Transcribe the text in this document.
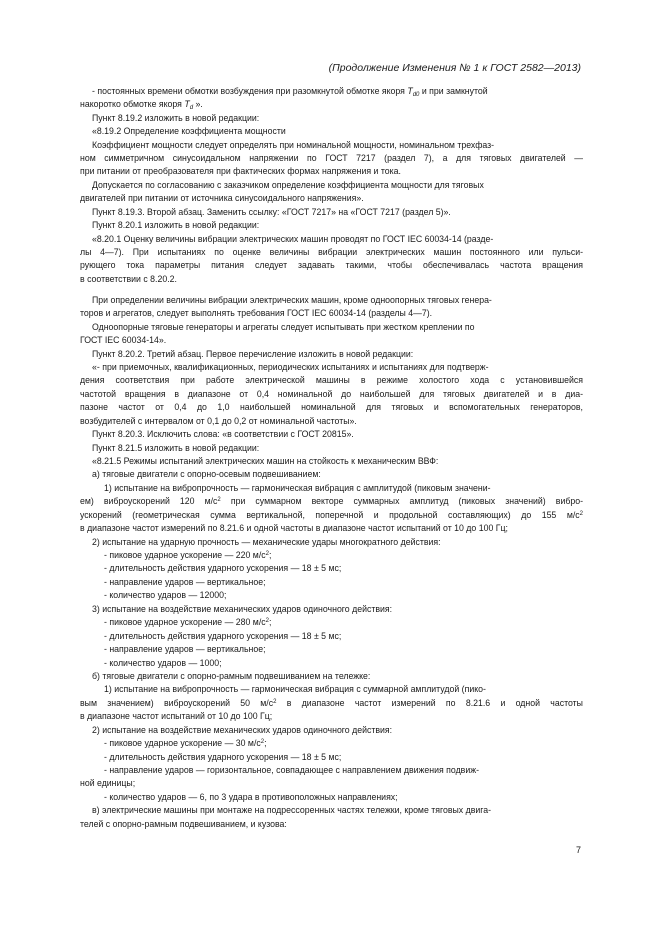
(Продолжение Изменения № 1 к ГОСТ 2582—2013)
- постоянных времени обмотки возбуждения при разомкнутой обмотке якоря $T_{d0}$ и при замкнутой
накоротко обмотке якоря $T_d$ ».
Пункт 8.19.2 изложить в новой редакции:
«8.19.2 Определение коэффициента мощности
Коэффициент мощности следует определять при номинальной мощности, номинальном трехфаз-
ном симметричном синусоидальном напряжении по ГОСТ 7217 (раздел 7), а для тяговых двигателей —
при питании от преобразователя при фактических формах напряжения и тока.
Допускается по согласованию с заказчиком определение коэффициента мощности для тяговых
двигателей при питании от источника синусоидального напряжения».
Пункт 8.19.3. Второй абзац. Заменить ссылку: «ГОСТ 7217» на «ГОСТ 7217 (раздел 5)».
Пункт 8.20.1 изложить в новой редакции:
«8.20.1 Оценку величины вибрации электрических машин проводят по ГОСТ IEC 60034-14 (разде-
лы 4—7). При испытаниях по оценке величины вибрации электрических машин постоянного или пульси-
рующего тока параметры питания следует задавать такими, чтобы обеспечивалась частота вращения
в соответствии с 8.20.2.
При определении величины вибрации электрических машин, кроме одноопорных тяговых генера-
торов и агрегатов, следует выполнять требования ГОСТ IEC 60034-14 (разделы 4—7).
Одноопорные тяговые генераторы и агрегаты следует испытывать при жестком креплении по
ГОСТ IEC 60034-14».
Пункт 8.20.2. Третий абзац. Первое перечисление изложить в новой редакции:
«- при приемочных, квалификационных, периодических испытаниях и испытаниях для подтверж-
дения соответствия при работе электрической машины в режиме холостого хода с установившейся
частотой вращения в диапазоне от 0,4 номинальной до наибольшей для тяговых двигателей и в диа-
пазоне частот от 0,4 до 1,0 наибольшей номинальной для тяговых и вспомогательных генераторов,
возбудителей с интервалом от 0,1 до 0,2 от номинальной частоты».
Пункт 8.20.3. Исключить слова: «в соответствии с ГОСТ 20815».
Пункт 8.21.5 изложить в новой редакции:
«8.21.5 Режимы испытаний электрических машин на стойкость к механическим ВВФ:
а) тяговые двигатели с опорно-осевым подвешиванием:
1) испытание на вибропрочность — гармоническая вибрация с амплитудой (пиковым значени-
ем) виброускорений 120 $м/с^2$ при суммарном векторе суммарных амплитуд (пиковых значений) вибро-
ускорений (геометрическая сумма вертикальной, поперечной и продольной составляющих) до 155 $м/с^2$
в диапазоне частот измерений по 8.21.6 и одной частоты в диапазоне частот испытаний от 10 до 100 Гц;
2) испытание на ударную прочность — механические удары многократного действия:
- пиковое ударное ускорение — 220 $м/с^2$;
- длительность действия ударного ускорения — 18 ± 5 мс;
- направление ударов — вертикальное;
- количество ударов — 12000;
3) испытание на воздействие механических ударов одиночного действия:
- пиковое ударное ускорение — 280 $м/с^2$;
- длительность действия ударного ускорения — 18 ± 5 мс;
- направление ударов — вертикальное;
- количество ударов — 1000;
б) тяговые двигатели с опорно-рамным подвешиванием на тележке:
1) испытание на вибропрочность — гармоническая вибрация с суммарной амплитудой (пико-
вым значением) виброускорений 50 $м/с^2$ в диапазоне частот измерений по 8.21.6 и одной частоты
в диапазоне частот испытаний от 10 до 100 Гц;
2) испытание на воздействие механических ударов одиночного действия:
- пиковое ударное ускорение — 30 $м/с^2$;
- длительность действия ударного ускорения — 18 ± 5 мс;
- направление ударов — горизонтальное, совпадающее с направлением движения подвиж-
ной единицы;
- количество ударов — 6, по 3 удара в противоположных направлениях;
в) электрические машины при монтаже на подрессоренных частях тележки, кроме тяговых двига-
телей с опорно-рамным подвешиванием, и кузова:
7
